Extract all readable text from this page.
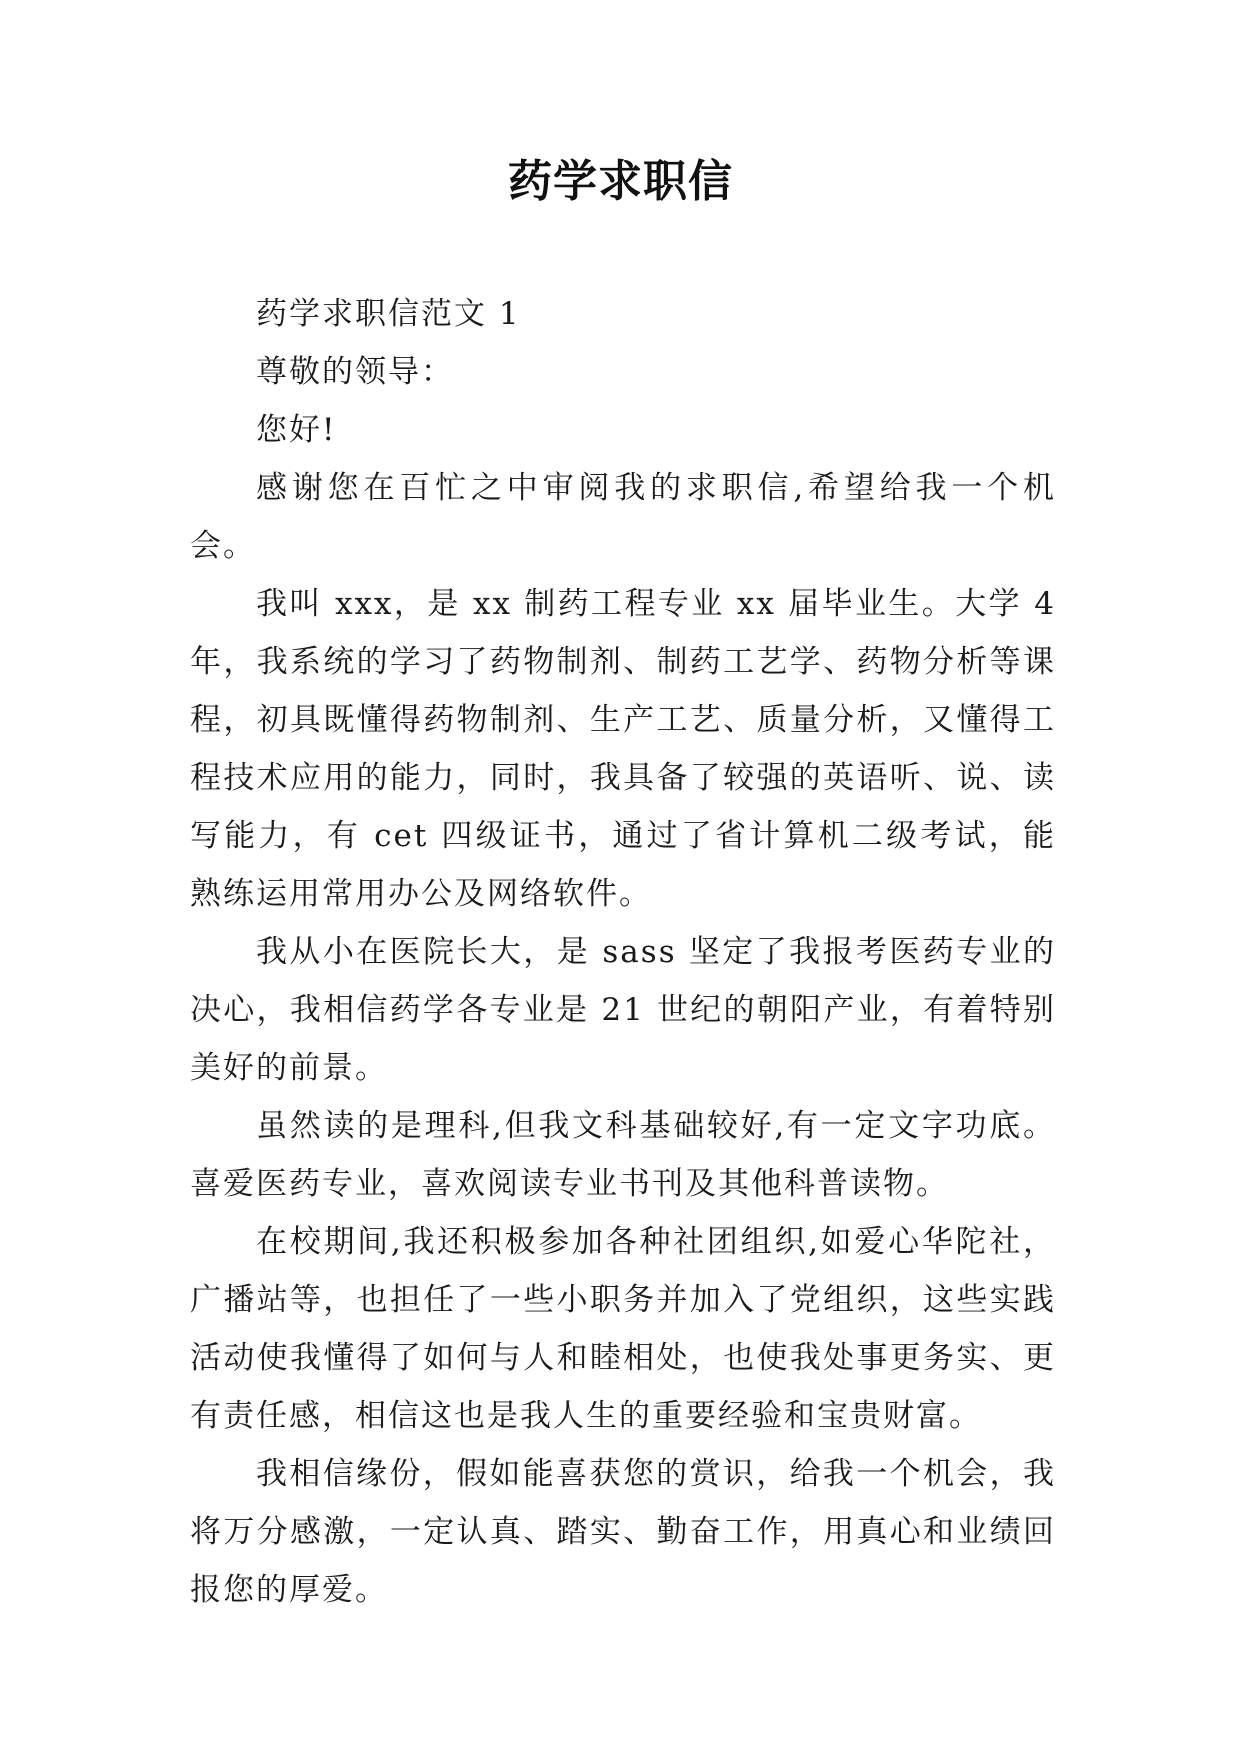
药学求职信

药学求职信范文 1

尊敬的领导：

您好!

感谢您在百忙之中审阅我的求职信,希望给我一个机会。

我叫 xxx，是 xx 制药工程专业 xx 届毕业生。大学 4 年，我系统的学习了药物制剂、制药工艺学、药物分析等课程，初具既懂得药物制剂、生产工艺、质量分析，又懂得工程技术应用的能力，同时，我具备了较强的英语听、说、读写能力，有 cet 四级证书，通过了省计算机二级考试，能熟练运用常用办公及网络软件。

我从小在医院长大，是 sass 坚定了我报考医药专业的决心，我相信药学各专业是 21 世纪的朝阳产业，有着特别美好的前景。

虽然读的是理科,但我文科基础较好,有一定文字功底。喜爱医药专业，喜欢阅读专业书刊及其他科普读物。

在校期间,我还积极参加各种社团组织,如爱心华陀社，广播站等，也担任了一些小职务并加入了党组织，这些实践活动使我懂得了如何与人和睦相处，也使我处事更务实、更有责任感，相信这也是我人生的重要经验和宝贵财富。

我相信缘份，假如能喜获您的赏识，给我一个机会，我将万分感激，一定认真、踏实、勤奋工作，用真心和业绩回报您的厚爱。
